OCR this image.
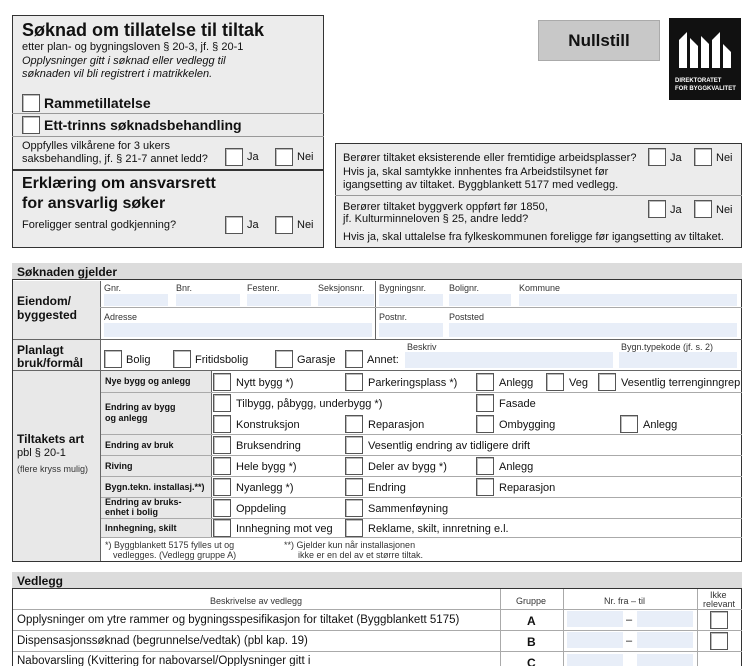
Søknad om tillatelse til tiltak
etter plan- og bygningsloven § 20-3, jf. § 20-1
Opplysninger gitt i søknad eller vedlegg til
søknaden vil bli registrert i matrikkelen.
Rammetillatelse
Ett-trinns søknadsbehandling
Oppfylles vilkårene for 3 ukers
saksbehandling, jf. § 21-7 annet ledd?	Ja	Nei
Erklæring om ansvarsrett
for ansvarlig søker
Foreligger sentral godkjenning?	Ja	Nei
Nullstill
DIREKTORATET
FOR BYGGKVALITET
Berører tiltaket eksisterende eller fremtidige arbeidsplasser?	Ja	Nei
Hvis ja, skal samtykke innhentes fra Arbeidstilsynet før
igangsetting av tiltaket. Byggblankett 5177 med vedlegg.
Berører tiltaket byggverk oppført før 1850,
jf. Kulturminneloven § 25, andre ledd?
Ja	Nei
Hvis ja, skal uttalelse fra fylkeskommunen foreligge før igangsetting av tiltaket.
Søknaden gjelder
Eiendom/
byggested
Gnr.	Bnr.	Festenr.	Seksjonsnr. Bygningsnr.	Bolignr.	Kommune
Adresse	Postnr.	Poststed
Planlagt
bruk/formål	Bolig	Fritidsbolig	Garasje	Annet:
Beskriv	Bygn.typekode (jf. s. 2)
Tiltakets art
pbl § 20-1
(flere kryss mulig)
Nye bygg og anlegg	Nytt bygg *)	Parkeringsplass *)	Anlegg	Veg	Vesentlig terrenginngrep
Endring av bygg
og anlegg
Tilbygg, påbygg, underbygg *)	Fasade
Konstruksjon	Reparasjon	Ombygging	Anlegg
Endring av bruk	Bruksendring	Vesentlig endring av tidligere drift
Riving	Hele bygg *)	Deler av bygg *)	Anlegg
Bygn.tekn. installasj.**)	Nyanlegg *)	Endring	Reparasjon
Endring av bruks-
enhet i bolig	Oppdeling	Sammenføyning
Innhegning, skilt	Innhegning mot veg	Reklame, skilt, innretning e.l.
*) Byggblankett 5175 fylles ut og
vedlegges. (Vedlegg gruppe A)
**) Gjelder kun når installasjonen
ikke er en del av et større tiltak.
Vedlegg
Beskrivelse av vedlegg	Gruppe	Nr. fra – til
Ikke
relevant
Opplysninger om ytre rammer og bygningsspesifikasjon for tiltaket (Byggblankett 5175)	A	–
Dispensasjonssøknad (begrunnelse/vedtak) (pbl kap. 19)	B	–
Nabovarsling (Kvittering for nabovarsel/Opplysninger gitt i	C
